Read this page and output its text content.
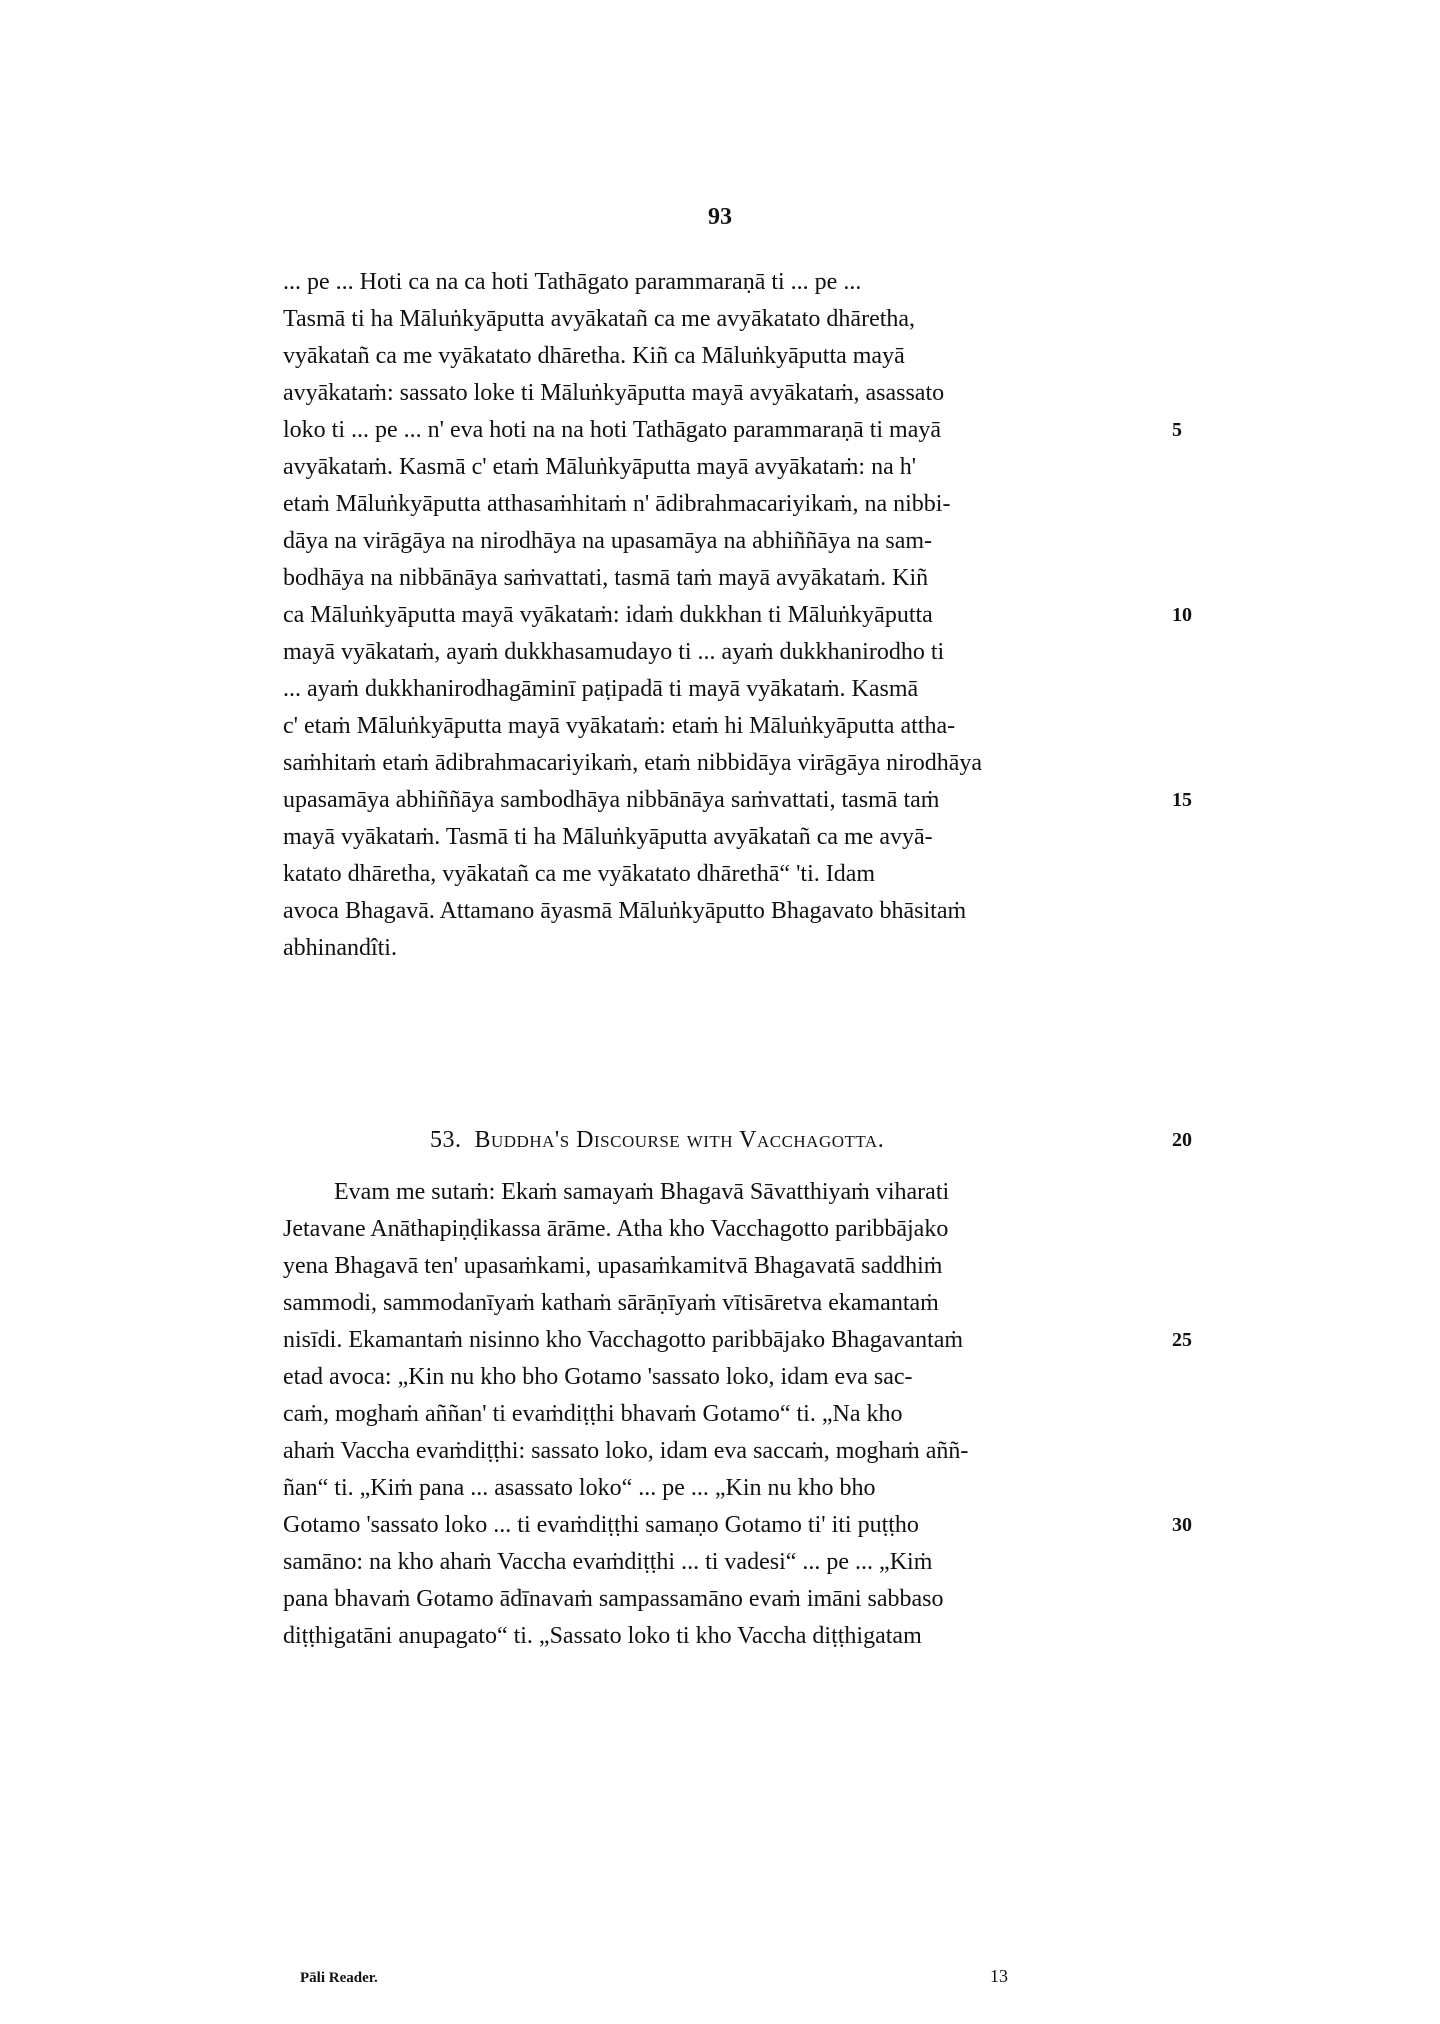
93
... pe ... Hoti ca na ca hoti Tathāgato parammaraṇā ti ... pe ...
Tasmā ti ha Māluṅkyāputta avyākatañ ca me avyākatato dhāretha,
vyākatañ ca me vyākatato dhāretha. Kiñ ca Māluṅkyāputta mayā
avyākataṁ: sassato loke ti Māluṅkyāputta mayā avyākataṁ, asassato
loko ti ... pe ... n' eva hoti na na hoti Tathāgato parammaraṇā ti mayā
avyākataṁ. Kasmā c' etaṁ Māluṅkyāputta mayā avyākataṁ: na h'
etaṁ Māluṅkyāputta atthasaṁhitaṁ n' ādibrahmacariyikaṁ, na nibbi-
dāya na virāgāya na nirodhāya na upasamāya na abhiññāya na sam-
bodhāya na nibbānāya saṁvattati, tasmā taṁ mayā avyākataṁ. Kiñ
ca Māluṅkyāputta mayā vyākataṁ: idaṁ dukkhan ti Māluṅkyāputta
mayā vyākataṁ, ayaṁ dukkhasamudayo ti ... ayaṁ dukkhanirodho ti
... ayaṁ dukkhanirodhagāminī paṭipadā ti mayā vyākataṁ. Kasmā
c' etaṁ Māluṅkyāputta mayā vyākataṁ: etaṁ hi Māluṅkyāputta attha-
saṁhitaṁ etaṁ ādibrahmacariyikaṁ, etaṁ nibbidāya virāgāya nirodhāya
upasamāya abhiññāya sambodhāya nibbānāya saṁvattati, tasmā taṁ
mayā vyākataṁ. Tasmā ti ha Māluṅkyāputta avyākatañ ca me avyā-
katato dhāretha, vyākatañ ca me vyākatato dhārethā“ 'ti. Idam
avoca Bhagavā. Attamano āyasmā Māluṅkyāputto Bhagavato bhāsitaṁ
abhinandîti.
5
10
15
53. Buddha's Discourse with Vacchagotta.	20
Evam me sutaṁ: Ekaṁ samayaṁ Bhagavā Sāvatthiyaṁ viharati
Jetavane Anāthapiṇḍikassa ārāme. Atha kho Vacchagotto paribbājako
yena Bhagavā ten' upasaṁkami, upasaṁkamitvā Bhagavatā saddhiṁ
sammodi, sammodanīyaṁ kathaṁ sārāṇīyaṁ vītisāretva ekamantaṁ
nisīdi. Ekamantaṁ nisinno kho Vacchagotto paribbājako Bhagavantaṁ
etad avoca: „Kin nu kho bho Gotamo 'sassato loko, idam eva sac-
caṁ, moghaṁ aññan' ti evaṁdiṭṭhi bhavaṁ Gotamo“ ti. „Na kho
ahaṁ Vaccha evaṁdiṭṭhi: sassato loko, idam eva saccaṁ, moghaṁ aññ-
ñan“ ti. „Kiṁ pana ... asassato loko“ ... pe ... „Kin nu kho bho
Gotamo 'sassato loko ... ti evaṁdiṭṭhi samaṇo Gotamo ti' iti puṭṭho
samāno: na kho ahaṁ Vaccha evaṁdiṭṭhi ... ti vadesi“ ... pe ... „Kiṁ
pana bhavaṁ Gotamo ādīnavaṁ sampassamāno evaṁ imāni sabbaso
diṭṭhigatāni anupagato“ ti. „Sassato loko ti kho Vaccha diṭṭhigatam
25
30
Pāli Reader.	13
